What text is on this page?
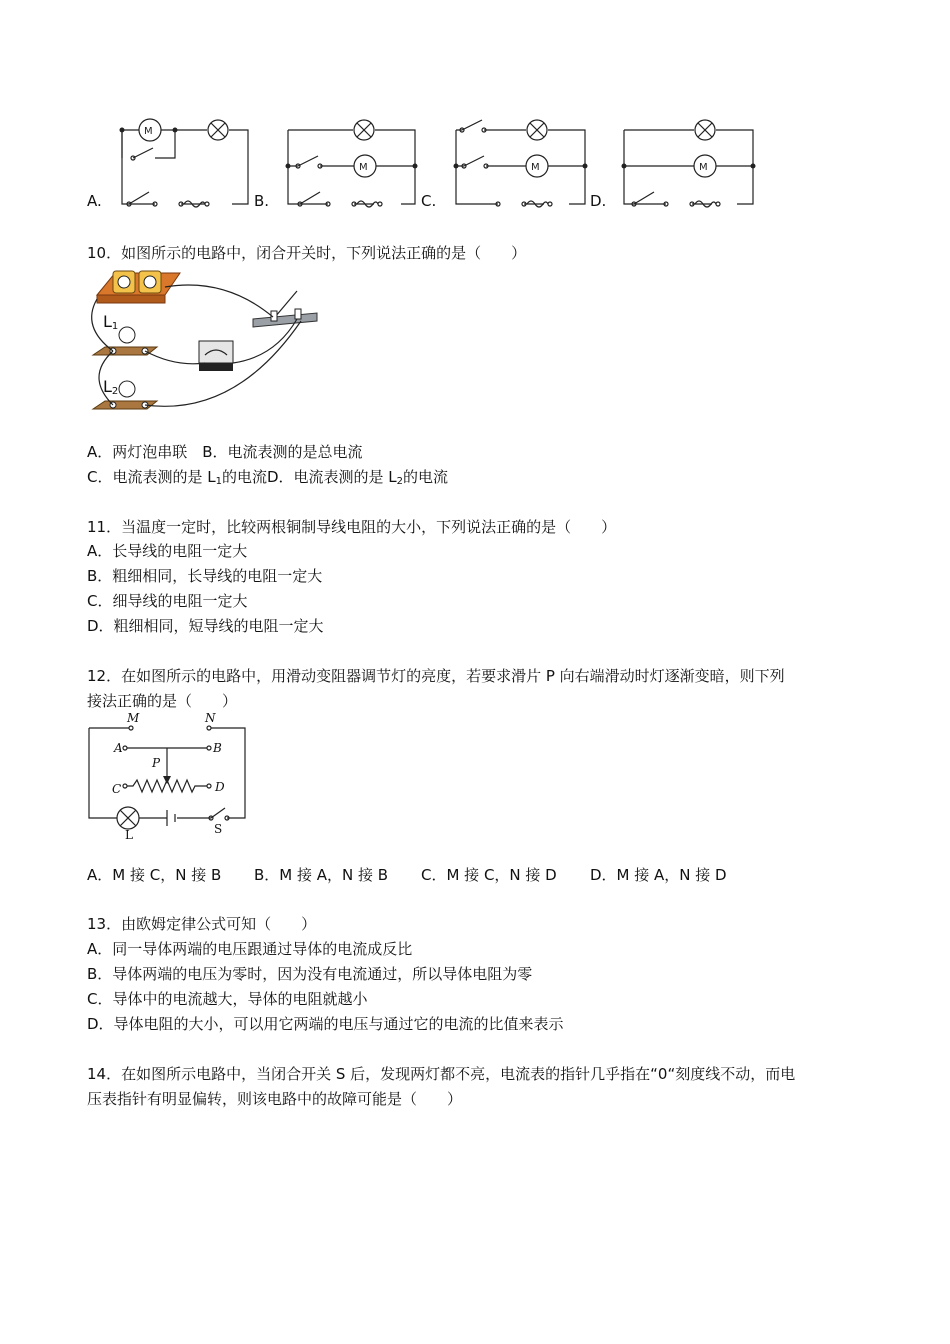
A.	B.	C.	D.
M
M	M	M
10．如图所示的电路中，闭合开关时，下列说法正确的是（　　）
$L_1$
$L_2$
A．两灯泡串联　B．电流表测的是总电流
C．电流表测的是 $L_1$的电流D．电流表测的是 $L_2$的电流
11．当温度一定时，比较两根铜制导线电阻的大小，下列说法正确的是（　　）
A．长导线的电阻一定大
B．粗细相同，长导线的电阻一定大
C．细导线的电阻一定大
D．粗细相同，短导线的电阻一定大
12．在如图所示的电路中，用滑动变阻器调节灯的亮度，若要求滑片 P 向右端滑动时灯逐渐变暗，则下列
接法正确的是（　　）
M	N
A	B
P
C	D
L	S
A．M 接 C，N 接 B B．M 接 A，N 接 B C．M 接 C，N 接 D D．M 接 A，N 接 D
13．由欧姆定律公式可知（　　）
A．同一导体两端的电压跟通过导体的电流成反比
B．导体两端的电压为零时，因为没有电流通过，所以导体电阻为零
C．导体中的电流越大，导体的电阻就越小
D．导体电阻的大小，可以用它两端的电压与通过它的电流的比值来表示
14．在如图所示电路中，当闭合开关 S 后，发现两灯都不亮，电流表的指针几乎指在“0“刻度线不动，而电
压表指针有明显偏转，则该电路中的故障可能是（　　）
